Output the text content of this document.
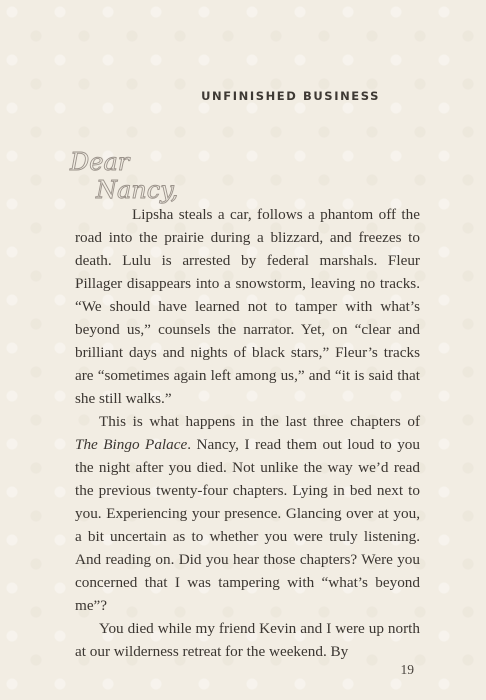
UNFINISHED BUSINESS
Dear
Nancy,

Lipsha steals a car, follows a phantom off the road into the prairie during a blizzard, and freezes to death. Lulu is arrested by federal marshals. Fleur Pillager disappears into a snowstorm, leaving no tracks. “We should have learned not to tamper with what’s beyond us,” counsels the narrator. Yet, on “clear and brilliant days and nights of black stars,” Fleur’s tracks are “sometimes again left among us,” and “it is said that she still walks.”

This is what happens in the last three chapters of The Bingo Palace. Nancy, I read them out loud to you the night after you died. Not unlike the way we’d read the previous twenty-four chapters. Lying in bed next to you. Experiencing your presence. Glancing over at you, a bit uncertain as to whether you were truly listening. And reading on. Did you hear those chapters? Were you concerned that I was tampering with “what’s beyond me”?

You died while my friend Kevin and I were up north at our wilderness retreat for the weekend. By

19
